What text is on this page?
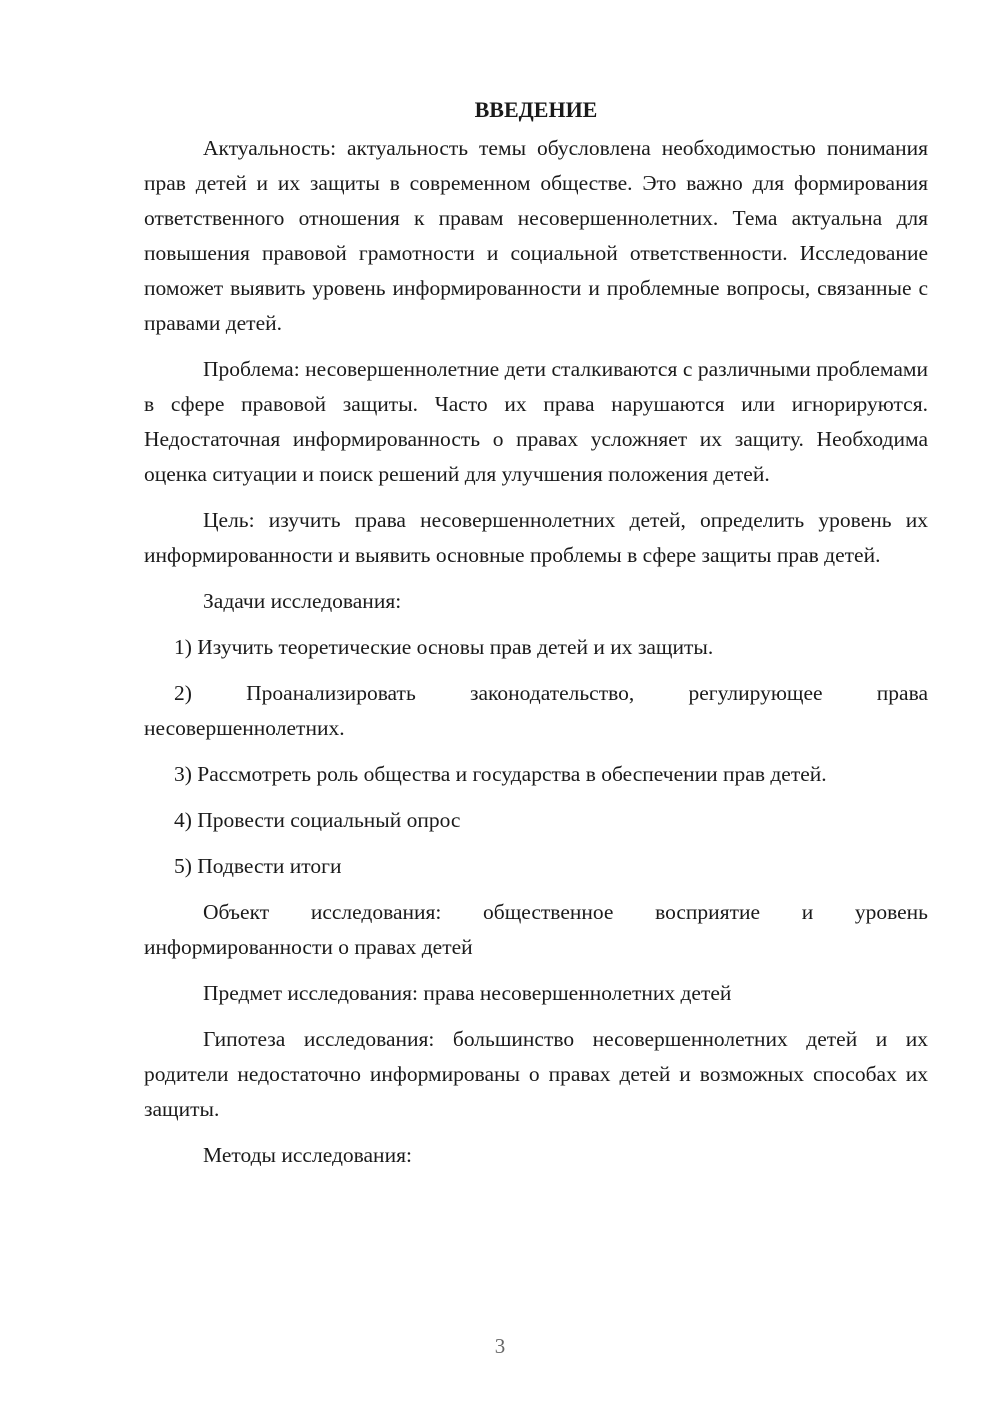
ВВЕДЕНИЕ

Актуальность: актуальность темы обусловлена необходимостью понимания прав детей и их защиты в современном обществе. Это важно для формирования ответственного отношения к правам несовершеннолетних. Тема актуальна для повышения правовой грамотности и социальной ответственности. Исследование поможет выявить уровень информированности и проблемные вопросы, связанные с правами детей.

Проблема: несовершеннолетние дети сталкиваются с различными проблемами в сфере правовой защиты. Часто их права нарушаются или игнорируются. Недостаточная информированность о правах усложняет их защиту. Необходима оценка ситуации и поиск решений для улучшения положения детей.

Цель: изучить права несовершеннолетних детей, определить уровень их информированности и выявить основные проблемы в сфере защиты прав детей.

Задачи исследования:

1) Изучить теоретические основы прав детей и их защиты.

2) Проанализировать законодательство, регулирующее права несовершеннолетних.

3) Рассмотреть роль общества и государства в обеспечении прав детей.

4) Провести социальный опрос

5) Подвести итоги

Объект исследования: общественное восприятие и уровень информированности о правах детей

Предмет исследования: права несовершеннолетних детей

Гипотеза исследования: большинство несовершеннолетних детей и их родители недостаточно информированы о правах детей и возможных способах их защиты.

Методы исследования:

3
